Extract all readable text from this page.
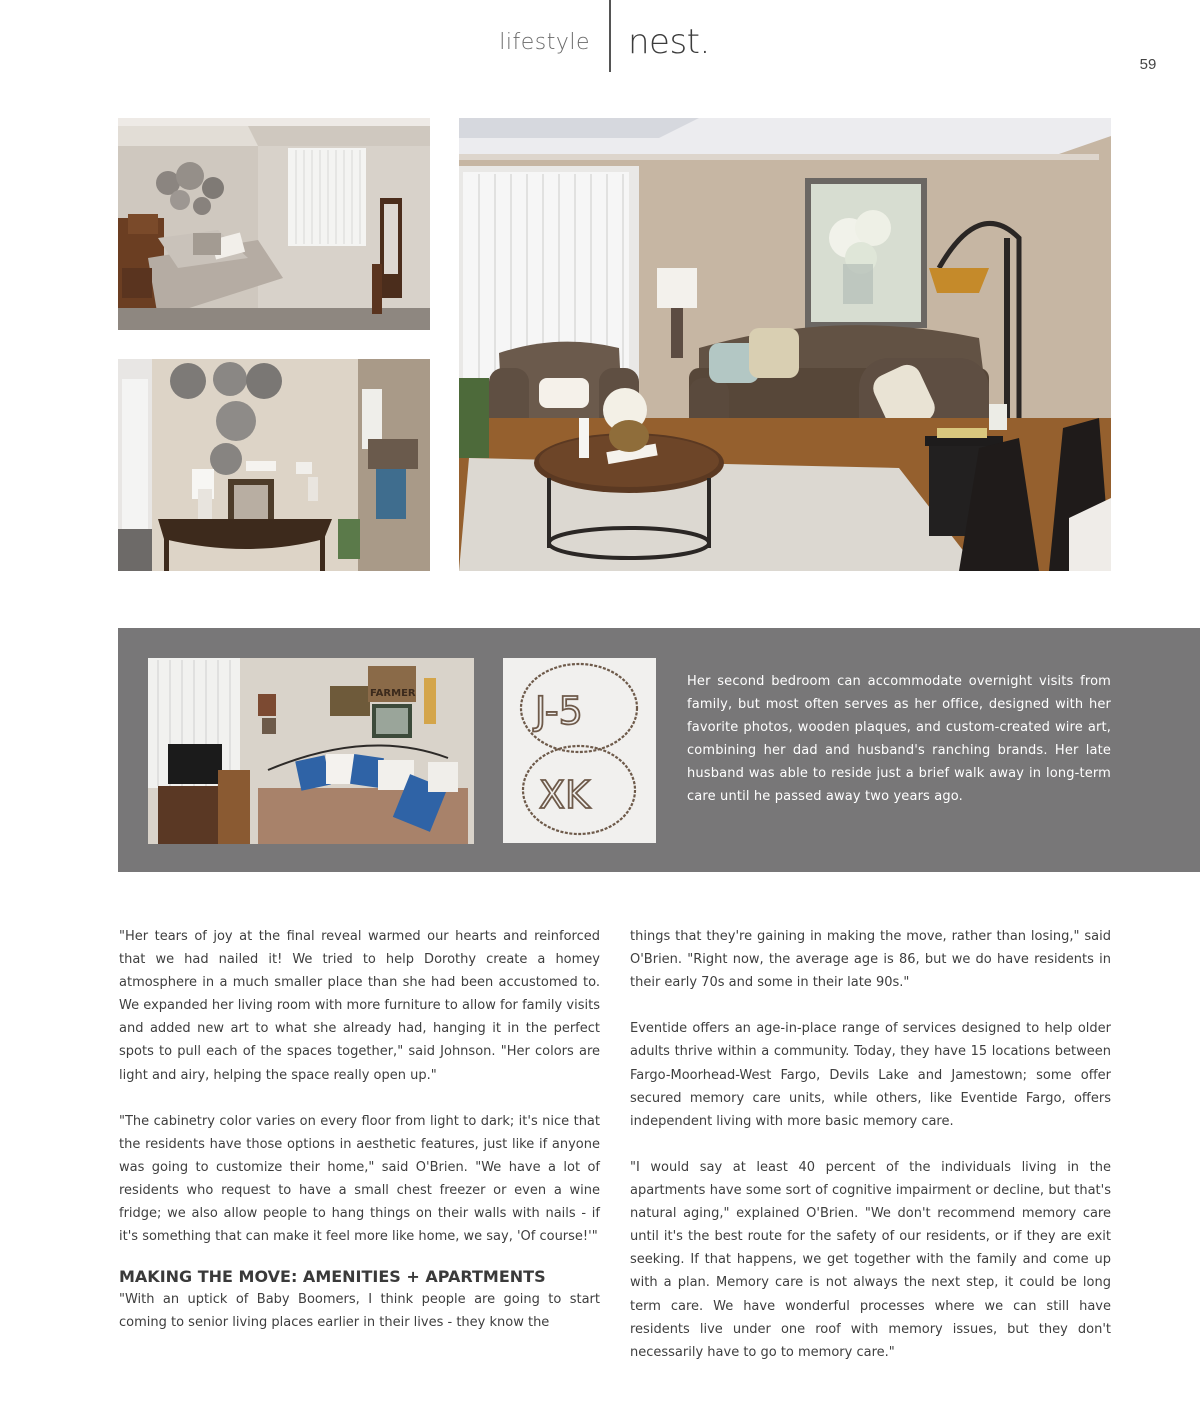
lifestyle nest.
59
FARMER	J-5
XK
Her second bedroom can accommodate overnight visits from family, but most often serves as her office, designed with her favorite photos, wooden plaques, and custom-created wire art, combining her dad and husband's ranching brands. Her late husband was able to reside just a brief walk away in long-term care until he passed away two years ago.

"Her tears of joy at the final reveal warmed our hearts and reinforced that we had nailed it! We tried to help Dorothy create a homey atmosphere in a much smaller place than she had been accustomed to. We expanded her living room with more furniture to allow for family visits and added new art to what she already had, hanging it in the perfect spots to pull each of the spaces together," said Johnson. "Her colors are light and airy, helping the space really open up."

"The cabinetry color varies on every floor from light to dark; it's nice that the residents have those options in aesthetic features, just like if anyone was going to customize their home," said O'Brien. "We have a lot of residents who request to have a small chest freezer or even a wine fridge; we also allow people to hang things on their walls with nails - if it's something that can make it feel more like home, we say, 'Of course!'"

MAKING THE MOVE: AMENITIES + APARTMENTS

"With an uptick of Baby Boomers, I think people are going to start coming to senior living places earlier in their lives - they know the

things that they're gaining in making the move, rather than losing," said O'Brien. "Right now, the average age is 86, but we do have residents in their early 70s and some in their late 90s."

Eventide offers an age-in-place range of services designed to help older adults thrive within a community. Today, they have 15 locations between Fargo-Moorhead-West Fargo, Devils Lake and Jamestown; some offer secured memory care units, while others, like Eventide Fargo, offers independent living with more basic memory care.

"I would say at least 40 percent of the individuals living in the apartments have some sort of cognitive impairment or decline, but that's natural aging," explained O'Brien. "We don't recommend memory care until it's the best route for the safety of our residents, or if they are exit seeking. If that happens, we get together with the family and come up with a plan. Memory care is not always the next step, it could be long term care. We have wonderful processes where we can still have residents live under one roof with memory issues, but they don't necessarily have to go to memory care."
